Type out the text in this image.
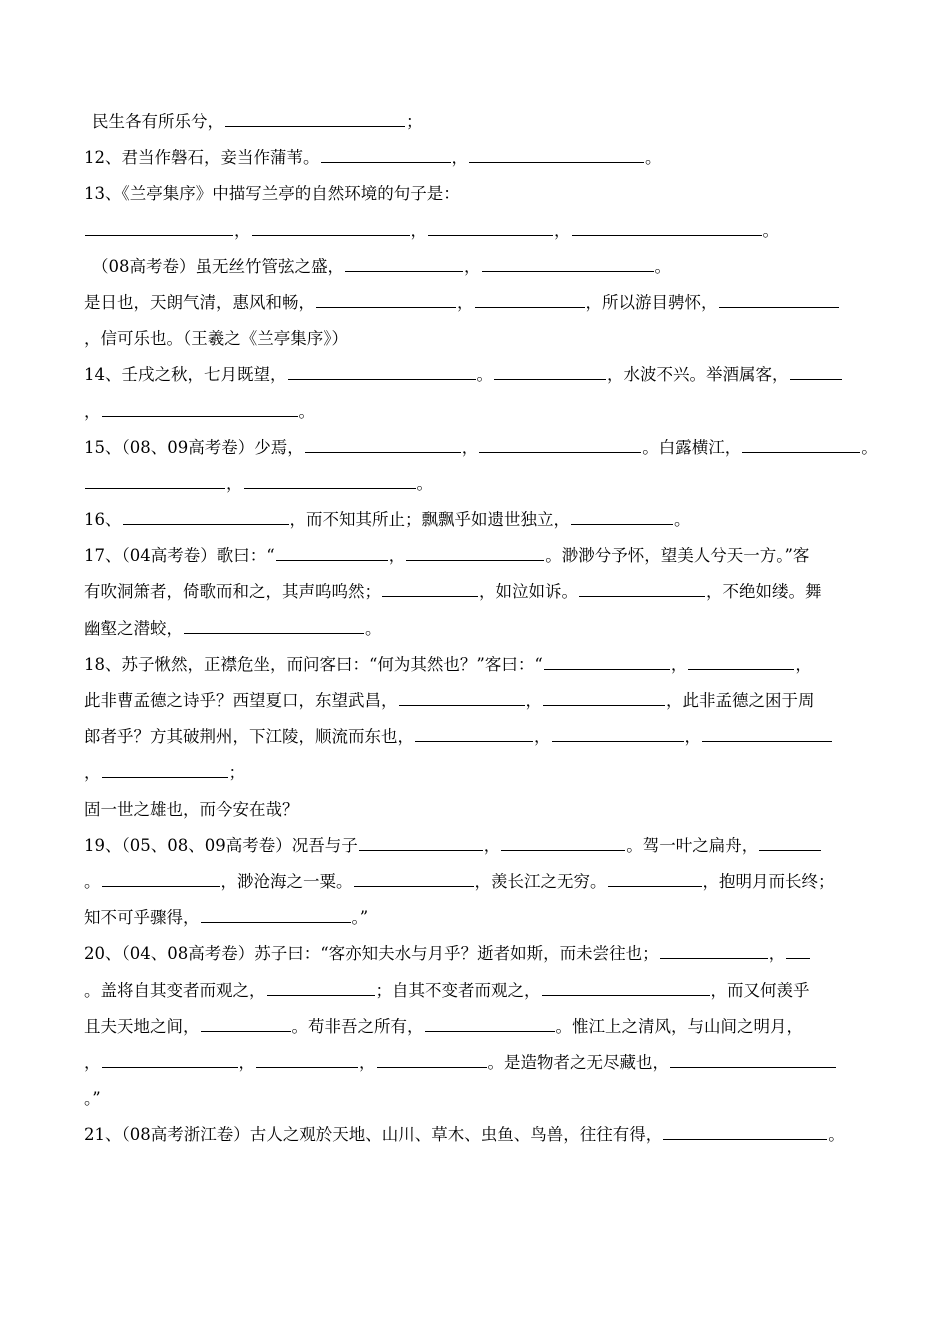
民生各有所乐兮，	；
12、君当作磐石，妾当作蒲苇。	，	。
13、《兰亭集序》中描写兰亭的自然环境的句子是：
，	，	，	。
（08高考卷）虽无丝竹管弦之盛，	，	。
是日也，天朗气清，惠风和畅，	，	，所以游目骋怀，
，信可乐也。（王羲之《兰亭集序》）
14、壬戌之秋，七月既望，	。	，水波不兴。举酒属客，
，	。
15、（08、09高考卷）少焉，	，	。白露横江，	。
，	。
16、	，而不知其所止；飘飘乎如遗世独立，	。
17、（04高考卷）歌曰：“	，	。渺渺兮予怀，望美人兮天一方。”客
有吹洞箫者，倚歌而和之，其声呜呜然；	，如泣如诉。	，不绝如缕。舞
幽壑之潜蛟，	。
18、苏子愀然，正襟危坐，而问客曰：“何为其然也？”客曰：“	，	，
此非曹孟德之诗乎？西望夏口，东望武昌，	，	，此非孟德之困于周
郎者乎？方其破荆州，下江陵，顺流而东也，	，	，
，	；
固一世之雄也，而今安在哉？
19、（05、08、09高考卷）况吾与子	，	。驾一叶之扁舟，
。	，渺沧海之一粟。	，羡长江之无穷。	，抱明月而长终；
知不可乎骤得，	。”
20、（04、08高考卷）苏子曰：“客亦知夫水与月乎？逝者如斯，而未尝往也；	，
。盖将自其变者而观之，	；自其不变者而观之，	，而又何羡乎
且夫天地之间，	。苟非吾之所有，	。惟江上之清风，与山间之明月，
，	，	，	。是造物者之无尽藏也，
。”
21、（08高考浙江卷）古人之观於天地、山川、草木、虫鱼、鸟兽，往往有得，	。
